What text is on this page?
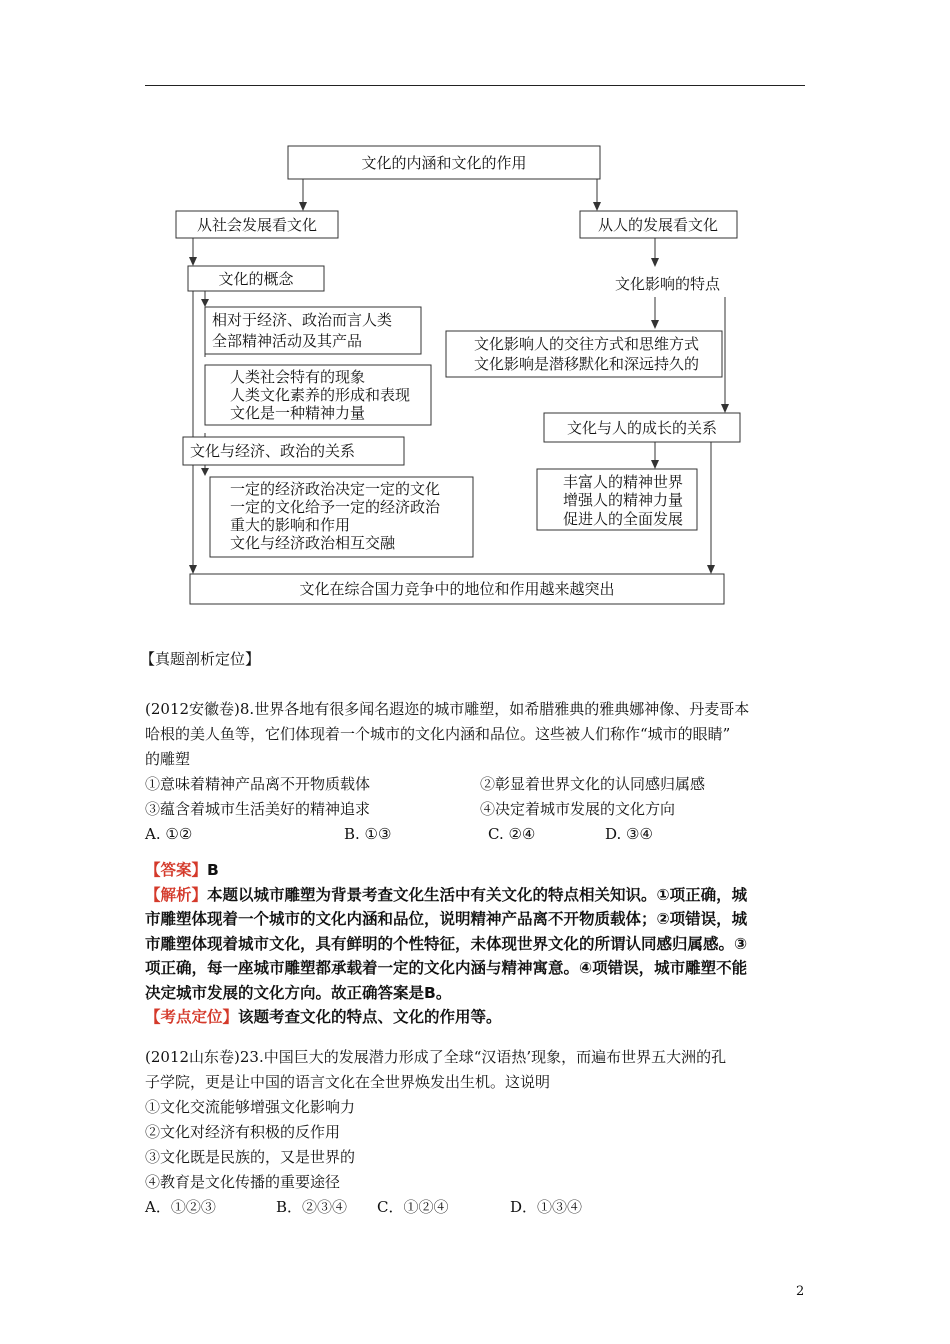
文化的内涵和文化的作用
从社会发展看文化	从人的发展看文化
文化的概念
相对于经济、政治而言人类
全部精神活动及其产品
人类社会特有的现象
人类文化素养的形成和表现
文化是一种精神力量
文化与经济、政治的关系
一定的经济政治决定一定的文化
一定的文化给予一定的经济政治
重大的影响和作用
文化与经济政治相互交融
文化影响的特点
文化影响人的交往方式和思维方式
文化影响是潜移默化和深远持久的
文化与人的成长的关系
丰富人的精神世界
增强人的精神力量
促进人的全面发展
文化在综合国力竞争中的地位和作用越来越突出
【真题剖析定位】
(2012安徽卷)8.世界各地有很多闻名遐迩的城市雕塑，如希腊雅典的雅典娜神像、丹麦哥本
哈根的美人鱼等，它们体现着一个城市的文化内涵和品位。这些被人们称作“城市的眼睛”
的雕塑
①意味着精神产品离不开物质载体	②彰显着世界文化的认同感归属感
③蕴含着城市生活美好的精神追求	④决定着城市发展的文化方向
A. ①②	B. ①③	C. ②④	D. ③④
【答案】B
【解析】本题以城市雕塑为背景考查文化生活中有关文化的特点相关知识。①项正确，城
市雕塑体现着一个城市的文化内涵和品位，说明精神产品离不开物质载体；②项错误，城
市雕塑体现着城市文化，具有鲜明的个性特征，未体现世界文化的所谓认同感归属感。③
项正确，每一座城市雕塑都承载着一定的文化内涵与精神寓意。④项错误，城市雕塑不能
决定城市发展的文化方向。故正确答案是B。
【考点定位】该题考查文化的特点、文化的作用等。
(2012山东卷)23.中国巨大的发展潜力形成了全球“汉语热’现象，而遍布世界五大洲的孔
子学院，更是让中国的语言文化在全世界焕发出生机。这说明
①文化交流能够增强文化影响力
②文化对经济有积极的反作用
③文化既是民族的，又是世界的
④教育是文化传播的重要途径
A．①②③	B．②③④ C．①②④	D．①③④
2
